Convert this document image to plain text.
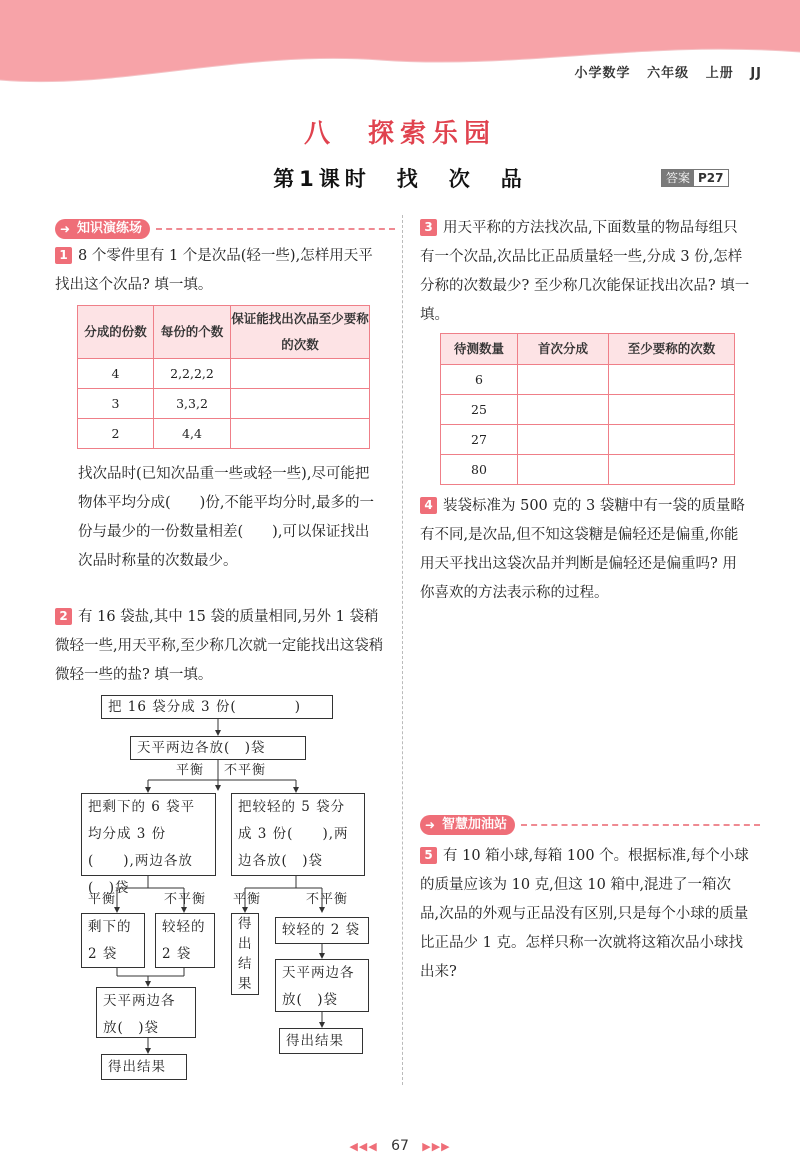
小学数学 六年级 上册 JJ
八　探索乐园
第1课时　找　次　品	答案 P27
➜ 知识演练场
➜ 智慧加油站
1 8 个零件里有 1 个是次品(轻一些),怎样用天平找出这个次品? 填一填。
分成的份数	每份的个数	保证能找出次品至少要称的次数
4	2,2,2,2	
3	3,3,2	
2	4,4	
找次品时(已知次品重一些或轻一些),尽可能把物体平均分成(　　)份,不能平均分时,最多的一份与最少的一份数量相差(　　),可以保证找出次品时称量的次数最少。
2 有 16 袋盐,其中 15 袋的质量相同,另外 1 袋稍微轻一些,用天平称,至少称几次就一定能找出这袋稍微轻一些的盐? 填一填。
把 16 袋分成 3 份(　　　　)
天平两边各放(　)袋
平衡 不平衡
把剩下的 6 袋平均分成 3 份(　　),两边各放(　)袋
把较轻的 5 袋分成 3 份(　　),两边各放(　)袋
平衡	不平衡
剩下的 2 袋
较轻的 2 袋
天平两边各放(　)袋
得出结果
平衡	不平衡
得出结果
较轻的 2 袋
天平两边各放(　)袋
得出结果
3 用天平称的方法找次品,下面数量的物品每组只有一个次品,次品比正品质量轻一些,分成 3 份,怎样分称的次数最少? 至少称几次能保证找出次品? 填一填。
待测数量	首次分成	至少要称的次数
6		
25		
27		
80		
4 装袋标准为 500 克的 3 袋糖中有一袋的质量略有不同,是次品,但不知这袋糖是偏轻还是偏重,你能用天平找出这袋次品并判断是偏轻还是偏重吗? 用你喜欢的方法表示称的过程。
5 有 10 箱小球,每箱 100 个。根据标准,每个小球的质量应该为 10 克,但这 10 箱中,混进了一箱次品,次品的外观与正品没有区别,只是每个小球的质量比正品少 1 克。怎样只称一次就将这箱次品小球找出来?
◀◀◀ 67 ▶▶▶
